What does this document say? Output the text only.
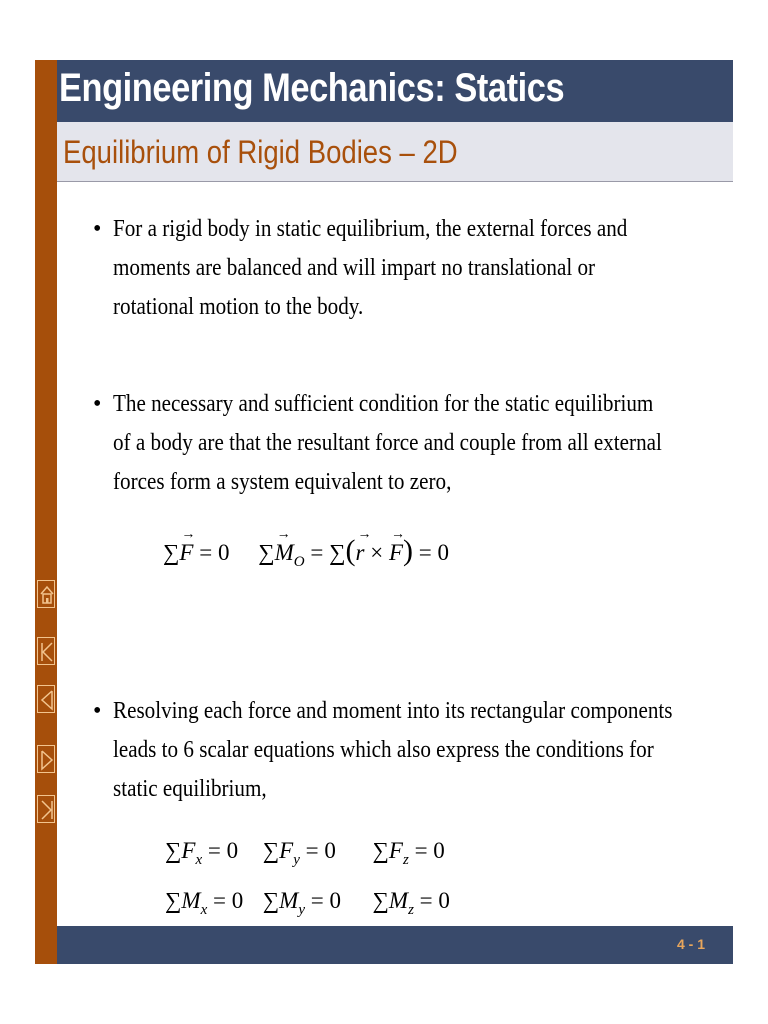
Engineering Mechanics: Statics
Equilibrium of Rigid Bodies – 2D
• For a rigid body in static equilibrium, the external forces and moments are balanced and will impart no translational or rotational motion to the body.
• The necessary and sufficient condition for the static equilibrium of a body are that the resultant force and couple from all external forces form a system equivalent to zero,
∑→ F = 0 ∑→ $M_O$ = ∑(→ r × → F) = 0
• Resolving each force and moment into its rectangular components leads to 6 scalar equations which also express the conditions for static equilibrium,
$\sum F_x = 0$ $\sum F_y = 0$ $\sum F_z = 0$
$\sum M_x = 0$ $\sum M_y = 0$ $\sum M_z = 0$
4 - 1
